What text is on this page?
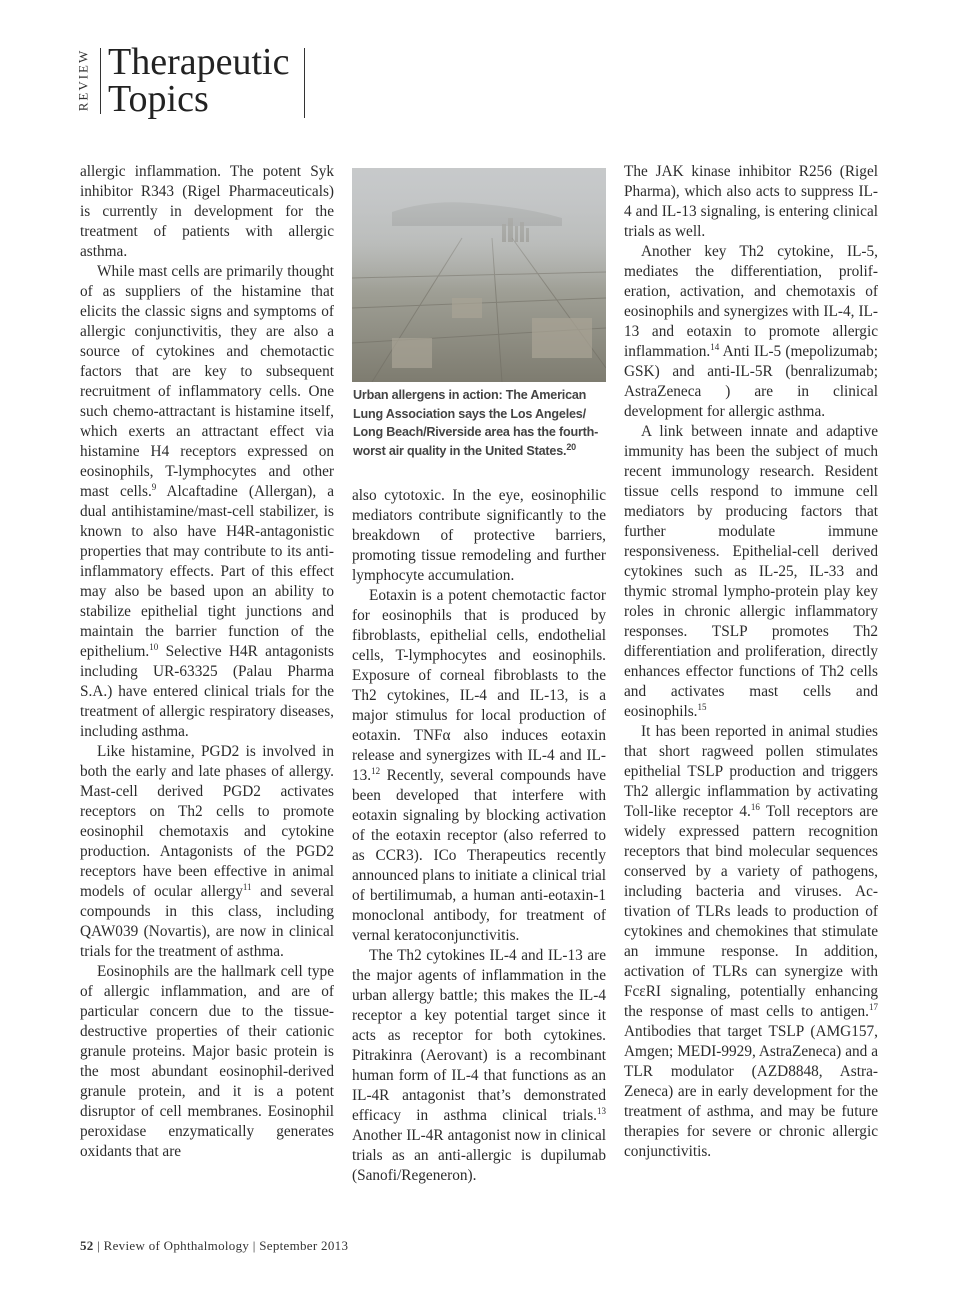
REVIEW Therapeutic
Topics

allergic inflammation. The potent Syk inhibitor R343 (Rigel Pharmaceuticals) is currently in development for the treatment of patients with allergic asthma.

While mast cells are primarily thought of as suppliers of the histamine that elicits the classic signs and symptoms of allergic conjunctivitis, they are also a source of cytokines and chemotactic factors that are key to subsequent recruitment of inflammatory cells. One such chemo-attractant is histamine itself, which exerts an attractant effect via histamine H4 receptors expressed on eosinophils, T-lymphocytes and other mast cells.$^9$ Alcaftadine (Allergan), a dual antihistamine/mast-cell stabilizer, is known to also have H4R-antagonistic properties that may contribute to its anti-inflammatory effects. Part of this effect may also be based upon an ability to stabilize epithelial tight junctions and maintain the barrier function of the epithelium.$^{10}$ Selective H4R antagonists including UR-63325 (Palau Pharma S.A.) have entered clinical trials for the treatment of allergic respiratory diseases, including asthma.

Like histamine, PGD2 is involved in both the early and late phases of allergy. Mast-cell derived PGD2 activates receptors on Th2 cells to promote eosinophil chemotaxis and cytokine production. Antagonists of the PGD2 receptors have been effective in animal models of ocular allergy$^{11}$ and several compounds in this class, including QAW039 (Novartis), are now in clinical trials for the treatment of asthma.

Eosinophils are the hallmark cell type of allergic inflammation, and are of particular concern due to the tissue-destructive properties of their cationic granule proteins. Major basic protein is the most abundant eosinophil-derived granule protein, and it is a potent disruptor of cell membranes. Eosinophil peroxidase enzymatically generates oxidants that are

Urban allergens in action: The American Lung Association says the Los Angeles/ Long Beach/Riverside area has the fourth-worst air quality in the United States.$^{20}$

also cytotoxic. In the eye, eosinophilic mediators contribute significantly to the breakdown of protective barriers, promoting tissue remodeling and further lymphocyte accumulation.

Eotaxin is a potent chemotactic factor for eosinophils that is produced by fibroblasts, epithelial cells, endothelial cells, T-lymphocytes and eosinophils. Exposure of corneal fibroblasts to the Th2 cytokines, IL-4 and IL-13, is a major stimulus for local production of eotaxin. TNFα also induces eotaxin release and synergizes with IL-4 and IL-13.12 Recently, several compounds have been developed that interfere with eotaxin signaling by blocking activation of the eotaxin receptor (also referred to as CCR3). ICo Therapeutics recently announced plans to initiate a clinical trial of bertilimumab, a human anti-eotaxin-1 monoclonal antibody, for treatment of vernal keratoconjunctivitis.

The Th2 cytokines IL-4 and IL-13 are the major agents of inflammation in the urban allergy battle; this makes the IL-4 receptor a key potential target since it acts as receptor for both cytokines. Pitrakinra (Aerovant) is a recombinant human form of IL-4 that functions as an IL-4R antagonist that’s demonstrated efficacy in asthma clinical trials.$^{13}$ Another IL-4R antagonist now in clinical trials as an anti-allergic is dupilumab (Sanofi/Regeneron).

The JAK kinase inhibitor R256 (Rigel Pharma), which also acts to suppress IL-4 and IL-13 signaling, is entering clinical trials as well.

Another key Th2 cytokine, IL-5, mediates the differentiation, proliferation, activation, and chemotaxis of eosinophils and synergizes with IL-4, IL-13 and eotaxin to promote allergic inflammation.$^{14}$ Anti IL-5 (mepolizumab; GSK) and anti-IL-5R (benralizumab; AstraZeneca ) are in clinical development for allergic asthma.

A link between innate and adaptive immunity has been the subject of much recent immunology research. Resident tissue cells respond to immune cell mediators by producing factors that further modulate immune responsiveness. Epithelial-cell derived cytokines such as IL-25, IL-33 and thymic stromal lympho-protein play key roles in chronic allergic inflammatory responses. TSLP promotes Th2 differentiation and proliferation, directly enhances effector functions of Th2 cells and activates mast cells and eosinophils.$^{15}$

It has been reported in animal studies that short ragweed pollen stimulates epithelial TSLP production and triggers Th2 allergic inflammation by activating Toll-like receptor 4.16 Toll receptors are widely expressed pattern recognition receptors that bind molecular sequences conserved by a variety of pathogens, including bacteria and viruses. Activation of TLRs leads to production of cytokines and chemokines that stimulate an immune response. In addition, activation of TLRs can synergize with FcεRI signaling, potentially enhancing the response of mast cells to antigen.$^{17}$ Antibodies that target TSLP (AMG157, Amgen; MEDI-9929, AstraZeneca) and a TLR modulator (AZD8848, AstraZeneca) are in early development for the treatment of asthma, and may be future therapies for severe or chronic allergic conjunctivitis.

52 | Review of Ophthalmology | September 2013
